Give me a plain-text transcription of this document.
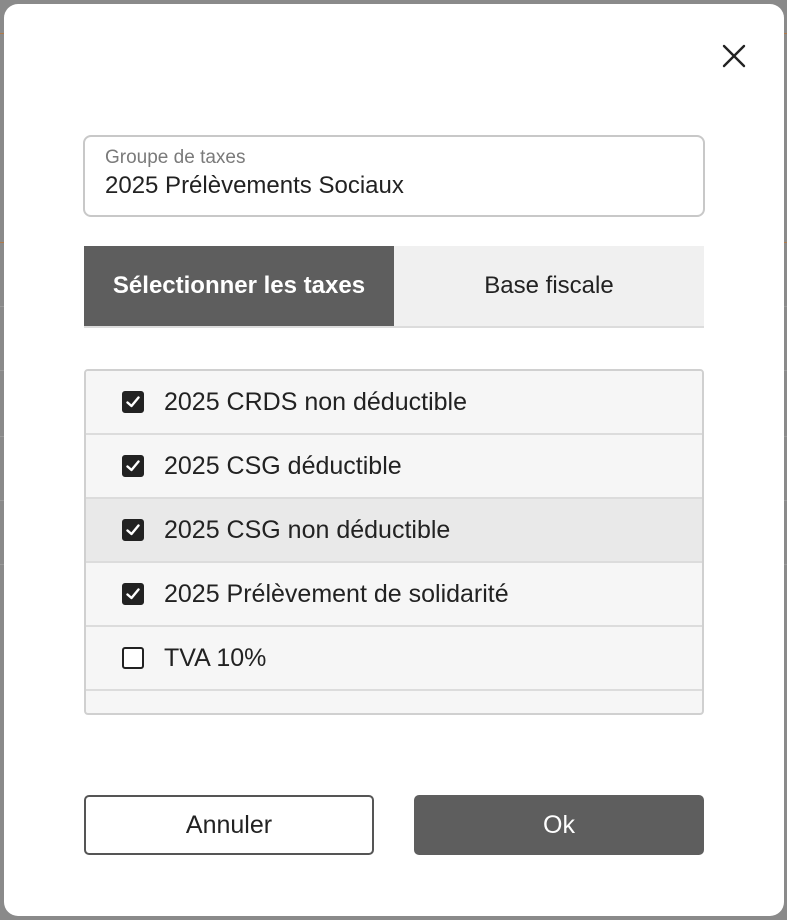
Groupe de taxes
2025 Prélèvements Sociaux
Sélectionner les taxes	Base fiscale
2025 CRDS non déductible
2025 CSG déductible
2025 CSG non déductible
2025 Prélèvement de solidarité
TVA 10%
Annuler	Ok
